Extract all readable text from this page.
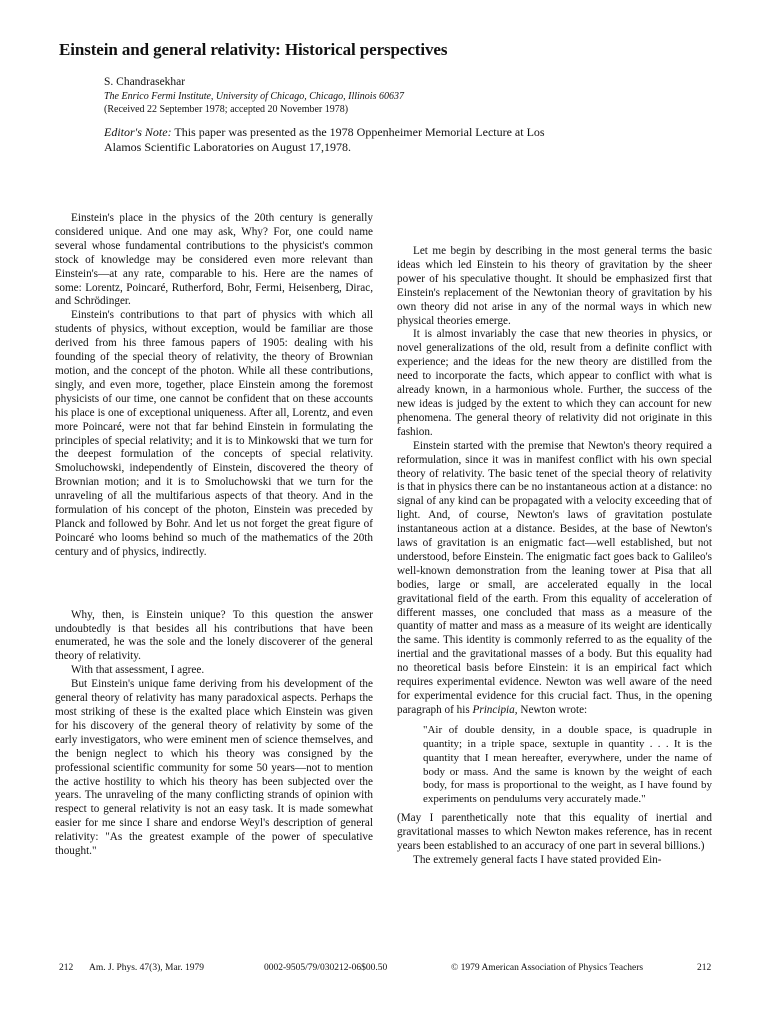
Einstein and general relativity: Historical perspectives
S. Chandrasekhar
The Enrico Fermi Institute, University of Chicago, Chicago, Illinois 60637
(Received 22 September 1978; accepted 20 November 1978)
Editor's Note: This paper was presented as the 1978 Oppenheimer Memorial Lecture at Los Alamos Scientific Laboratories on August 17,1978.

Einstein's place in the physics of the 20th century is generally considered unique. And one may ask, Why? For, one could name several whose fundamental contributions to the physicist's common stock of knowledge may be considered even more relevant than Einstein's—at any rate, comparable to his. Here are the names of some: Lorentz, Poincaré, Rutherford, Bohr, Fermi, Heisenberg, Dirac, and Schrödinger.

Einstein's contributions to that part of physics with which all students of physics, without exception, would be familiar are those derived from his three famous papers of 1905: dealing with his founding of the special theory of relativity, the theory of Brownian motion, and the concept of the photon. While all these contributions, singly, and even more, together, place Einstein among the foremost physicists of our time, one cannot be confident that on these accounts his place is one of exceptional uniqueness. After all, Lorentz, and even more Poincaré, were not that far behind Einstein in formulating the principles of special relativity; and it is to Minkowski that we turn for the deepest formulation of the concepts of special relativity. Smoluchowski, independently of Einstein, discovered the theory of Brownian motion; and it is to Smoluchowski that we turn for the unraveling of all the multifarious aspects of that theory. And in the formulation of his concept of the photon, Einstein was preceded by Planck and followed by Bohr. And let us not forget the great figure of Poincaré who looms behind so much of the mathematics of the 20th century and of physics, indirectly.

Why, then, is Einstein unique? To this question the answer undoubtedly is that besides all his contributions that have been enumerated, he was the sole and the lonely discoverer of the general theory of relativity.

With that assessment, I agree.

But Einstein's unique fame deriving from his development of the general theory of relativity has many paradoxical aspects. Perhaps the most striking of these is the exalted place which Einstein was given for his discovery of the general theory of relativity by some of the early investigators, who were eminent men of science themselves, and the benign neglect to which his theory was consigned by the professional scientific community for some 50 years—not to mention the active hostility to which his theory has been subjected over the years. The unraveling of the many conflicting strands of opinion with respect to general relativity is not an easy task. It is made somewhat easier for me since I share and endorse Weyl's description of general relativity: "As the greatest example of the power of speculative thought."

Let me begin by describing in the most general terms the basic ideas which led Einstein to his theory of gravitation by the sheer power of his speculative thought. It should be emphasized first that Einstein's replacement of the Newtonian theory of gravitation by his own theory did not arise in any of the normal ways in which new physical theories emerge.

It is almost invariably the case that new theories in physics, or novel generalizations of the old, result from a definite conflict with experience; and the ideas for the new theory are distilled from the need to incorporate the facts, which appear to conflict with what is already known, in a harmonious whole. Further, the success of the new ideas is judged by the extent to which they can account for new phenomena. The general theory of relativity did not originate in this fashion.

Einstein started with the premise that Newton's theory required a reformulation, since it was in manifest conflict with his own special theory of relativity. The basic tenet of the special theory of relativity is that in physics there can be no instantaneous action at a distance: no signal of any kind can be propagated with a velocity exceeding that of light. And, of course, Newton's laws of gravitation postulate instantaneous action at a distance. Besides, at the base of Newton's laws of gravitation is an enigmatic fact—well established, but not understood, before Einstein. The enigmatic fact goes back to Galileo's well-known demonstration from the leaning tower at Pisa that all bodies, large or small, are accelerated equally in the local gravitational field of the earth. From this equality of acceleration of different masses, one concluded that mass as a measure of the quantity of matter and mass as a measure of its weight are identically the same. This identity is commonly referred to as the equality of the inertial and the gravitational masses of a body. But this equality had no theoretical basis before Einstein: it is an empirical fact which requires experimental evidence. Newton was well aware of the need for experimental evidence for this crucial fact. Thus, in the opening paragraph of his Principia, Newton wrote:

"Air of double density, in a double space, is quadruple in quantity; in a triple space, sextuple in quantity . . . It is the quantity that I mean hereafter, everywhere, under the name of body or mass. And the same is known by the weight of each body, for mass is proportional to the weight, as I have found by experiments on pendulums very accurately made."

(May I parenthetically note that this equality of inertial and gravitational masses to which Newton makes reference, has in recent years been established to an accuracy of one part in several billions.)

The extremely general facts I have stated provided Ein-

212 Am. J. Phys. 47(3), Mar. 1979	0002-9505/79/030212-06$00.50	© 1979 American Association of Physics Teachers	212
